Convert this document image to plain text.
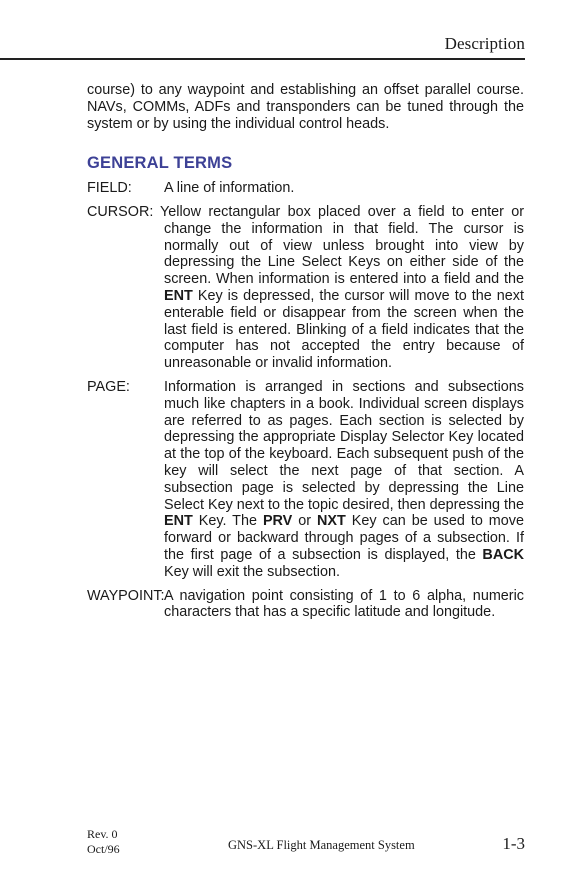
Description

course) to any waypoint and establishing an offset parallel course. NAVs, COMMs, ADFs and transponders can be tuned through the system or by using the individual control heads.

GENERAL TERMS
FIELD:	A line of information.

CURSOR: Yellow rectangular box placed over a field to enter or change the information in that field. The cursor is normally out of view unless brought into view by depressing the Line Select Keys on either side of the screen. When information is entered into a field and the ENT Key is depressed, the cursor will move to the next enterable field or disappear from the screen when the last field is entered. Blinking of a field indicates that the computer has not accepted the entry because of unreasonable or invalid information.

PAGE: Information is arranged in sections and subsections much like chapters in a book. Individual screen displays are referred to as pages. Each section is selected by depressing the appropriate Display Selector Key located at the top of the keyboard. Each subsequent push of the key will select the next page of that section. A subsection page is selected by depressing the Line Select Key next to the topic desired, then depressing the ENT Key. The PRV or NXT Key can be used to move forward or backward through pages of a subsection. If the first page of a subsection is displayed, the BACK Key will exit the subsection.

WAYPOINT:A navigation point consisting of 1 to 6 alpha, numeric characters that has a specific latitude and longitude.

Rev. 0
Oct/96	GNS-XL Flight Management System	1-3
